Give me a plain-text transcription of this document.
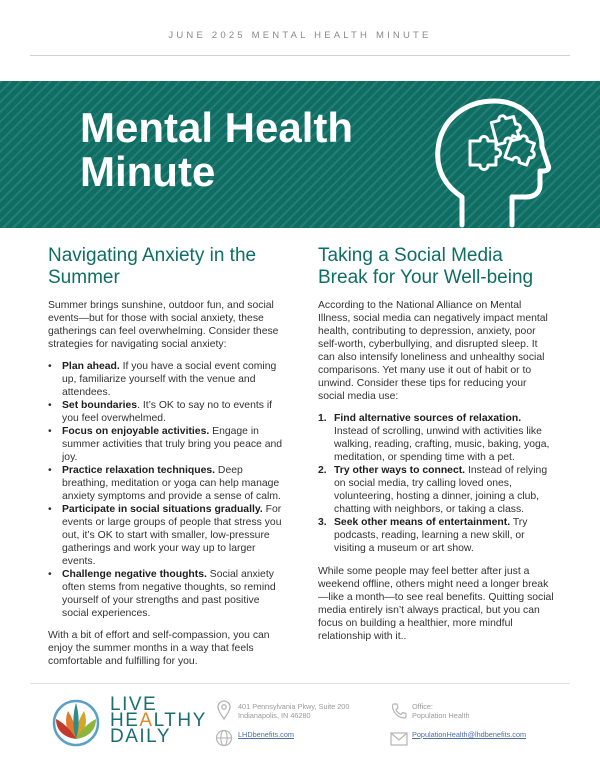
JUNE 2025 MENTAL HEALTH MINUTE
Mental Health
Minute
Navigating Anxiety in the Summer

Summer brings sunshine, outdoor fun, and social events—but for those with social anxiety, these gatherings can feel overwhelming. Consider these strategies for navigating social anxiety:

• Plan ahead. If you have a social event coming up, familiarize yourself with the venue and attendees.
• Set boundaries. It’s OK to say no to events if you feel overwhelmed.
• Focus on enjoyable activities. Engage in summer activities that truly bring you peace and joy.
• Practice relaxation techniques. Deep breathing, meditation or yoga can help manage anxiety symptoms and provide a sense of calm.
• Participate in social situations gradually. For events or large groups of people that stress you out, it’s OK to start with smaller, low-pressure gatherings and work your way up to larger events.
• Challenge negative thoughts. Social anxiety often stems from negative thoughts, so remind yourself of your strengths and past positive social experiences.

With a bit of effort and self-compassion, you can enjoy the summer months in a way that feels comfortable and fulfilling for you.

Taking a Social Media Break for Your Well-being

According to the National Alliance on Mental Illness, social media can negatively impact mental health, contributing to depression, anxiety, poor self-worth, cyberbullying, and disrupted sleep. It can also intensify loneliness and unhealthy social comparisons. Yet many use it out of habit or to unwind. Consider these tips for reducing your social media use:

1. Find alternative sources of relaxation. Instead of scrolling, unwind with activities like walking, reading, crafting, music, baking, yoga, meditation, or spending time with a pet.
2. Try other ways to connect. Instead of relying on social media, try calling loved ones, volunteering, hosting a dinner, joining a club, chatting with neighbors, or taking a class.
3. Seek other means of entertainment. Try podcasts, reading, learning a new skill, or visiting a museum or art show.

While some people may feel better after just a weekend offline, others might need a longer break—like a month—to see real benefits. Quitting social media entirely isn’t always practical, but you can focus on building a healthier, more mindful relationship with it..

LIVE
HEALTHY
DAILY
401 Pennsylvania Pkwy, Suite 200
Indianapolis, IN 46280
LHDbenefits.com
Office:
Population Health
PopulationHealth@lhdbenefits.com
